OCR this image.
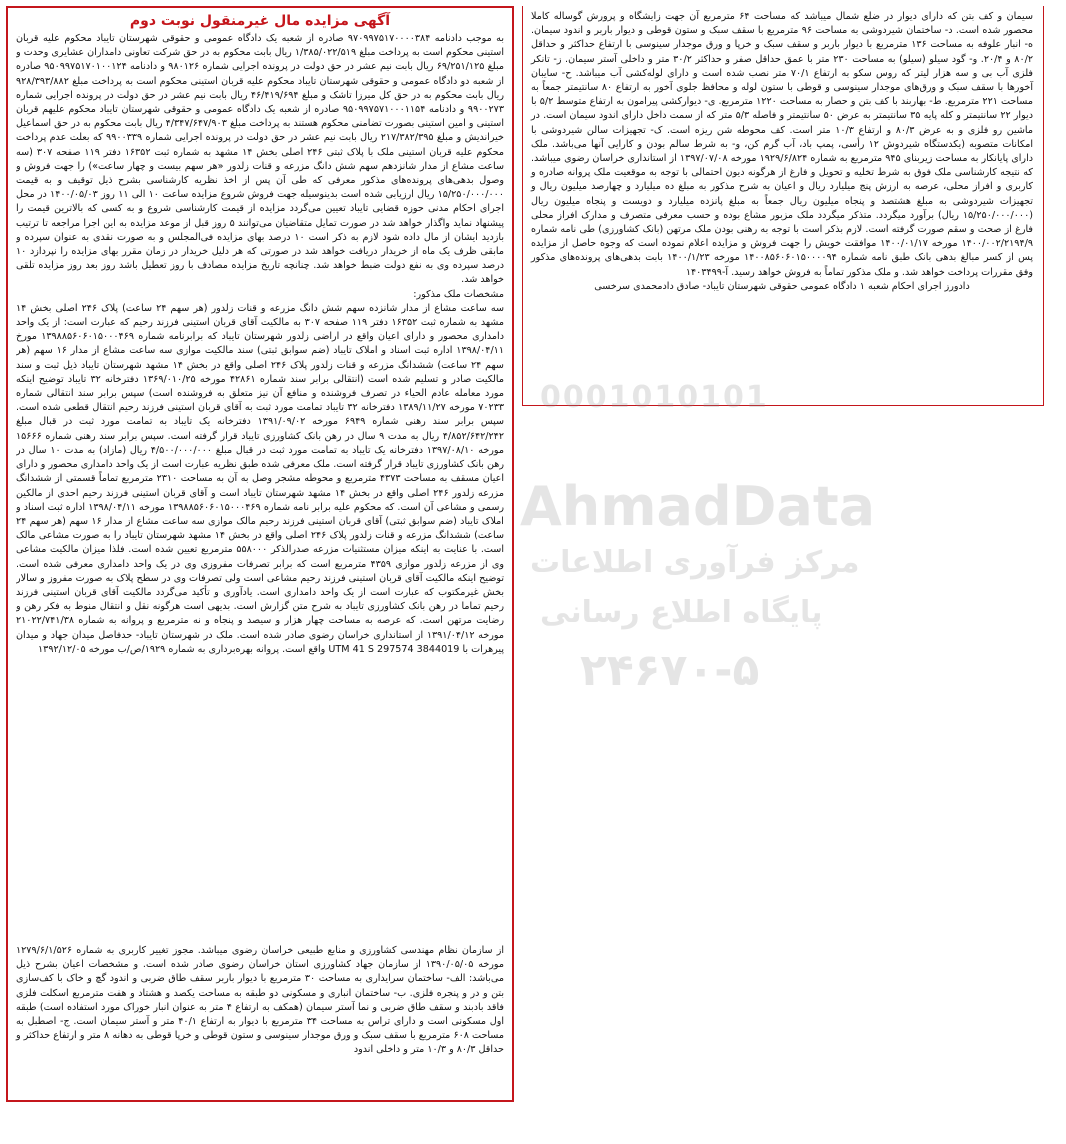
آگهی مزایده مال غیرمنقول نوبت دوم

به موجب دادنامه ۹۷۰۹۹۷۵۱۷۰۰۰۰۳۸۴ صادره از شعبه یک دادگاه عمومی و حقوقی شهرستان تایباد محکوم علیه قربان استینی محکوم است به پرداخت مبلغ ۱/۳۸۵/۰۲۲/۵۱۹ ریال بابت محکوم به در حق شرکت تعاونی دامداران عشایری وحدت و مبلغ ۶۹/۲۵۱/۱۲۵ ریال بابت نیم عشر در حق دولت در پرونده اجرایی شماره ۹۸۰۱۲۶ و دادنامه ۹۵۰۹۹۷۵۱۷۰۱۰۰۱۲۴ صادره از شعبه دو دادگاه عمومی و حقوقی شهرستان تایباد محکوم علیه قربان استینی محکوم است به پرداخت مبلغ ۹۲۸/۳۹۳/۸۸۲ ریال بابت محکوم به در حق کل میرزا تاشک و مبلغ ۴۶/۴۱۹/۶۹۴ ریال بابت نیم عشر در حق دولت در پرونده اجرایی شماره ۹۹۰۰۲۷۳ و دادنامه ۹۵۰۹۹۷۵۷۱۰۰۰۱۱۵۴ صادره از شعبه یک دادگاه عمومی و حقوقی شهرستان تایباد محکوم علیهم قربان استینی و امین استینی بصورت تضامنی محکوم هستند به پرداخت مبلغ ۴/۳۴۷/۶۴۷/۹۰۳ ریال بابت محکوم به در حق اسماعیل خیراندیش و مبلغ ۲۱۷/۳۸۲/۳۹۵ ریال بابت نیم عشر در حق دولت در پرونده اجرایی شماره ۹۹۰۰۳۳۹ که بعلت عدم پرداخت محکوم علیه قربان استینی ملک با پلاک ثبتی ۲۴۶ اصلی بخش ۱۴ مشهد به شماره ثبت ۱۶۳۵۲ دفتر ۱۱۹ صفحه ۳۰۷ (سه ساعت مشاع از مدار شانزدهم سهم شش دانگ مزرعه و قنات زلدور «هر سهم بیست و چهار ساعت») را جهت فروش و وصول بدهی‌های پرونده‌های مذکور معرفی که طی آن پس از اخذ نظریه کارشناسی بشرح ذیل توقیف و به قیمت ۱۵/۲۵۰/۰۰۰/۰۰۰ ریال ارزیابی شده است بدینوسیله جهت فروش شروع مزایده ساعت ۱۰ الی ۱۱ روز ۱۴۰۰/۰۵/۰۳ در محل اجرای احکام مدنی حوزه قضایی تایباد تعیین می‌گردد مزایده از قیمت کارشناسی شروع و به کسی که بالاترین قیمت را پیشنهاد نماید واگذار خواهد شد در صورت تمایل متقاضیان می‌توانند ۵ روز قبل از موعد مزایده به این اجرا مراجعه تا ترتیب بازدید ایشان از مال داده شود لازم به ذکر است ۱۰ درصد بهای مزایده فی‌المجلس و به صورت نقدی به عنوان سپرده و مابقی ظرف یک ماه از خریدار دریافت خواهد شد در صورتی که هر دلیل خریدار در زمان مقرر بهای مزایده را نپردازد ۱۰ درصد سپرده وی به نفع دولت ضبط خواهد شد. چنانچه تاریخ مزایده مصادف با روز تعطیل باشد روز بعد روز مزایده تلقی خواهد شد.

مشخصات ملک مذکور:

سه ساعت مشاع از مدار شانزده سهم شش دانگ مزرعه و قنات زلدور (هر سهم ۲۴ ساعت) پلاک ۲۴۶ اصلی بخش ۱۴ مشهد به شماره ثبت ۱۶۳۵۲ دفتر ۱۱۹ صفحه ۳۰۷ به مالکیت آقای قربان استینی فرزند رحیم که عبارت است: از یک واحد دامداری محصور و دارای اعیان واقع در اراضی زلدور شهرستان تایباد که برابرنامه شماره ۱۳۹۸۸۵۶۰۶۰۱۵۰۰۰۴۶۹ مورخ ۱۳۹۸/۰۴/۱۱ اداره ثبت اسناد و املاک تایباد (ضم سوابق ثبتی) سند مالکیت موازی سه ساعت مشاع از مدار ۱۶ سهم (هر سهم ۲۴ ساعت) ششدانگ مزرعه و قنات زلدور پلاک ۲۴۶ اصلی واقع در بخش ۱۴ مشهد شهرستان تایباد ذیل ثبت و سند مالکیت صادر و تسلیم شده است (انتقالی برابر سند شماره ۴۲۸۶۱ مورخه ۱۳۶۹/۰۱۰/۲۵ دفترخانه ۳۲ تایباد توضیح اینکه مورد معامله عادم الحیاء در تصرف فروشنده و منافع آن نیز متعلق به فروشنده است) سپس برابر سند انتقالی شماره ۷۰۲۳۳ مورخه ۱۳۸۹/۱۱/۲۷ دفترخانه ۳۲ تایباد تمامت مورد ثبت به آقای قربان استینی فرزند رحیم انتقال قطعی شده است. سپس برابر سند رهنی شماره ۶۹۴۹ مورخه ۱۳۹۱/۰۹/۰۲ دفترخانه یک تایباد به تمامت مورد ثبت در قبال مبلغ ۴/۸۵۲/۶۴۲/۲۴۲ ریال به مدت ۹ سال در رهن بانک کشاورزی تایباد قرار گرفته است. سپس برابر سند رهنی شماره ۱۵۶۶۶ مورخه ۱۳۹۷/۰۸/۱۰ دفترخانه یک تایباد به تمامت مورد ثبت در قبال مبلغ ۴/۵۰۰/۰۰۰/۰۰۰ ریال (مازاد) به مدت ۱۰ سال در رهن بانک کشاورزی تایباد قرار گرفته است. ملک معرفی شده طبق نظریه عبارت است از یک واحد دامداری محصور و دارای اعیان مسقف به مساحت ۴۳۷۳ مترمربع و محوطه مشجر وصل به آن به مساحت ۲۳۱۰ مترمربع تماماً قسمتی از ششدانگ مزرعه زلدور ۲۴۶ اصلی واقع در بخش ۱۴ مشهد شهرستان تایباد است و آقای قربان استینی فرزند رحیم احدی از مالکین رسمی و مشاعی آن است. که محکوم علیه برابر نامه شماره ۱۳۹۸۸۵۶۰۶۰۱۵۰۰۰۴۶۹ مورخه ۱۳۹۸/۰۴/۱۱ اداره ثبت اسناد و املاک تایباد (ضم سوابق ثبتی) آقای قربان استینی فرزند رحیم مالک موازی سه ساعت مشاع از مدار ۱۶ سهم (هر سهم ۲۴ ساعت) ششدانگ مزرعه و قنات زلدور پلاک ۲۴۶ اصلی واقع در بخش ۱۴ مشهد شهرستان تایباد را به صورت مشاعی مالک است. با عنایت به اینکه میزان مستثنیات مزرعه صدرالذکر ۵۵۸۰۰۰ مترمربع تعیین شده است. فلذا میزان مالکیت مشاعی وی از مزرعه زلدور موازی ۴۳۵۹ مترمربع است که برابر تصرفات مفروزی وی در یک واحد دامداری معرفی شده است. توضیح اینکه مالکیت آقای قربان استینی فرزند رحیم مشاعی است ولی تصرفات وی در سطح پلاک به صورت مفروز و سالار بخش غیرمکتوب که عبارت است از یک واحد دامداری است. یادآوری و تأکید می‌گردد مالکیت آقای قربان استینی فرزند رحیم تماما در رهن بانک کشاورزی تایباد به شرح متن گزارش است. بدیهی است هرگونه نقل و انتقال منوط به فکر رهن و رضایت مرتهن است. که عرصه به مساحت چهار هزار و سیصد و پنجاه و نه مترمربع و پروانه به شماره ۲۱۰۲۲/۷۴۱/۳۸ مورخه ۱۳۹۱/۰۴/۱۲ از استانداری خراسان رضوی صادر شده است. ملک در شهرستان تایباد- حدفاصل میدان جهاد و میدان پیرهرات با UTM 41 S 297574 3844019 واقع است. پروانه بهره‌برداری به شماره ۱۹۲۹/ص/ب مورخه ۱۳۹۲/۱۲/۰۵

از سازمان نظام مهندسی کشاورزی و منابع طبیعی خراسان رضوی میباشد. مجوز تغییر کاربری به شماره ۱۲۷۹/۶/۱/۵۲۶ مورخه ۱۳۹۰/۰۵/۰۵ از سازمان جهاد کشاورزی استان خراسان رضوی صادر شده است. و مشخصات اعیان بشرح ذیل می‌باشد: الف- ساختمان سرایداری به مساحت ۳۰ مترمربع با دیوار باربر سقف طاق ضربی و اندود گچ و خاک با کف‌سازی بتن و در و پنجره فلزی. ب- ساختمان انباری و مسکونی دو طبقه به مساحت یکصد و هشتاد و هفت مترمربع اسکلت فلزی فاقد بادبند و سقف طاق ضربی و نما آستر سیمان (همکف به ارتفاع ۴ متر به عنوان انبار خوراک مورد استفاده است) طبقه اول مسکونی است و دارای تراس به مساحت ۳۴ مترمربع با دیوار به ارتفاع ۴۰/۱ متر و آستر سیمان است. ج- اصطبل به مساحت ۶۰۸ مترمربع با سقف سبک و ورق موجدار سینوسی و ستون قوطی و خرپا قوطی به دهانه ۸ متر و ارتفاع حداکثر و حداقل ۸۰/۳ و ۱۰/۳ متر و داخلی اندود

سیمان و کف بتن که دارای دیوار در ضلع شمال میباشد که مساحت ۶۴ مترمربع آن جهت زایشگاه و پرورش گوساله کاملا محصور شده است. د- ساختمان شیردوشی به مساحت ۹۶ مترمربع با سقف سبک و ستون قوطی و دیوار باربر و اندود سیمان. ه- انبار علوفه به مساحت ۱۳۶ مترمربع با دیوار باربر و سقف سبک و خرپا و ورق موجدار سینوسی با ارتفاع حداکثر و حداقل ۸۰/۲ و ۲۰/۴. و- گود سیلو (سیلو) به مساحت ۲۳۰ متر با عمق حداقل صفر و حداکثر ۳۰/۲ متر و داخلی آستر سیمان. ز- تانکر فلزی آب بی و سه هزار لیتر که روس سکو به ارتفاع ۷۰/۱ متر نصب شده است و دارای لوله‌کشی آب میباشد. ح- سایبان آخورها با سقف سبک و ورق‌های موجدار سینوسی و قوطی با ستون لوله و محافظ جلوی آخور به ارتفاع ۸۰ سانتیمتر جمعاً به مساحت ۲۲۱ مترمربع. ط- بهاربند با کف بتن و حصار به مساحت ۱۲۲۰ مترمربع. ی- دیوارکشی پیرامون به ارتفاع متوسط ۵/۲ با دیوار ۲۲ سانتیمتر و کله پایه ۳۵ سانتیمتر به عرض ۵۰ سانتیمتر و فاصله ۵/۳ متر که از سمت داخل دارای اندود سیمان است. در ماشین رو فلزی و به عرض ۸۰/۳ و ارتفاع ۱۰/۳ متر است. کف محوطه شن ریزه است. ک- تجهیزات سالن شیردوشی با امکانات متصوبه (یکدستگاه شیردوش ۱۲ رأسی، پمپ باد، آب گرم کن، و- به شرط سالم بودن و کارایی آنها می‌باشد. ملک دارای پایانکار به مساحت زیربنای ۹۴۵ مترمربع به شماره ۱۹۲۹/۶/۸۲۴ مورخه ۱۳۹۷/۰۷/۰۸ از استانداری خراسان رضوی میباشد. که نتیجه کارشناسی ملک فوق به شرط تخلیه و تحویل و فارغ از هرگونه دیون احتمالی با توجه به موقعیت ملک پروانه صادره و کاربری و افراز محلی، عرصه به ارزش پنج میلیارد ریال و اعیان به شرح مذکور به مبلغ ده میلیارد و چهارصد میلیون ریال و تجهیزات شیردوشی به مبلغ هشتصد و پنجاه میلیون ریال جمعاً به مبلغ پانزده میلیارد و دویست و پنجاه میلیون ریال (۱۵/۲۵۰/۰۰۰/۰۰۰ ریال) برآورد میگردد. متذکر میگردد ملک مزبور مشاع بوده و حسب معرفی متصرف و مدارک افراز محلی فارغ از صحت و سقم صورت گرفته است. لازم بذکر است با توجه به رهنی بودن ملک مرتهن (بانک کشاورزی) طی نامه شماره ۱۴۰۰/۰۰۲/۲۱۹۴/۹ مورخه ۱۴۰۰/۰۱/۱۷ موافقت خویش را جهت فروش و مزایده اعلام نموده است که وجوه حاصل از مزایده پس از کسر مبالغ بدهی بانک طبق نامه شماره ۱۴۰۰۸۵۶۰۶۰۱۵۰۰۰۰۹۴ مورخه ۱۴۰۰/۱/۲۳ بابت بدهی‌های پرونده‌های مذکور وفق مقررات پرداخت خواهد شد. و ملک مذکور تماماً به فروش خواهد رسید. آ-۱۴۰۳۴۹۹

دادورز اجرای احکام شعبه ۱ دادگاه عمومی حقوقی شهرستان تایباد- صادق دادمحمدی سرخسی

0001010101
AhmadData
مرکز فرآوری اطلاعات
پایگاه اطلاع رسانی
۲۴۶۷۰-۵
